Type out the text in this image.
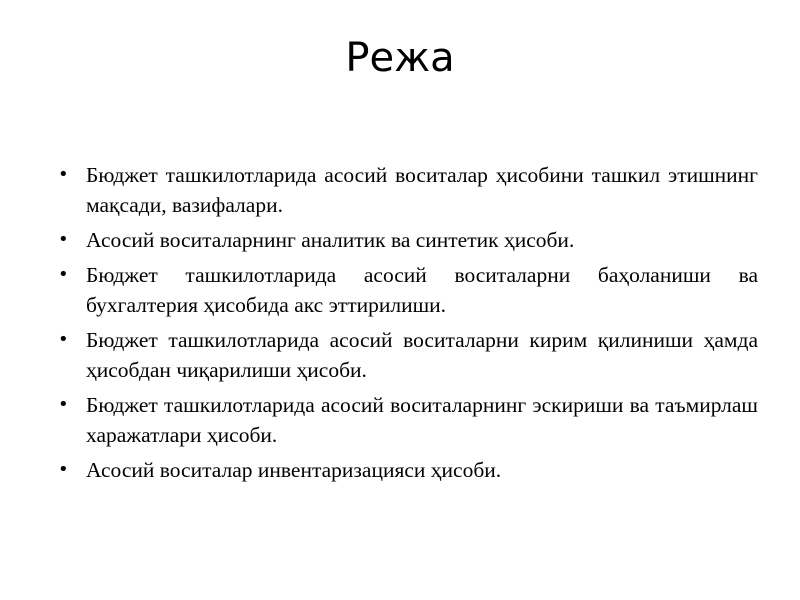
Режа
• Бюджет ташкилотларида асосий воситалар ҳисобини ташкил этишнинг мақсади, вазифалари.
• Асосий воситаларнинг аналитик ва синтетик ҳисоби.
• Бюджет ташкилотларида асосий воситаларни баҳоланиши ва бухгалтерия ҳисобида акс эттирилиши.
• Бюджет ташкилотларида асосий воситаларни кирим қилиниши ҳамда ҳисобдан чиқарилиши ҳисоби.
• Бюджет ташкилотларида асосий воситаларнинг эскириши ва таъмирлаш харажатлари ҳисоби.
• Асосий воситалар инвентаризацияси ҳисоби.
